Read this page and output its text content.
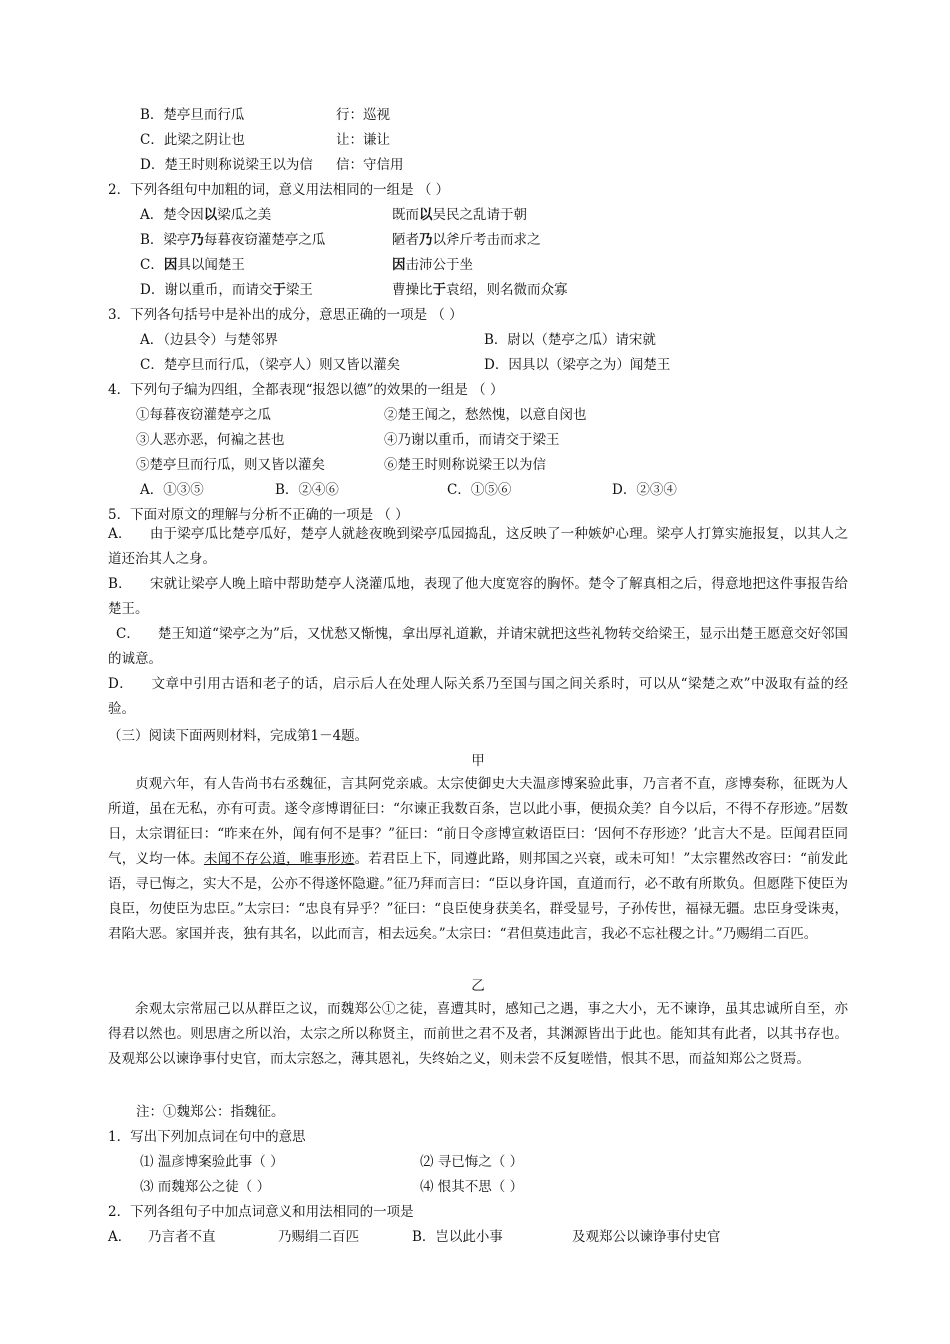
B．楚亭旦而行瓜	行：巡视
C．此梁之阴让也	让：谦让
D．楚王时则称说梁王以为信 信：守信用
2．下列各组句中加粗的词，意义用法相同的一组是 （ ）
A．楚令因以梁瓜之美	既而以吴民之乱请于朝
B．梁亭乃每暮夜窃灌楚亭之瓜	陋者乃以斧斤考击而求之
C．因具以闻楚王	因击沛公于坐
D．谢以重币，而请交于梁王	曹操比于袁绍，则名微而众寡
3．下列各句括号中是补出的成分，意思正确的一项是 （ ）
A．（边县令）与楚邻界	B．尉以（楚亭之瓜）请宋就
C．楚亭旦而行瓜，（梁亭人）则又皆以灌矣	D．因具以（梁亭之为）闻楚王
4．下列句子编为四组，全都表现“报怨以德”的效果的一组是 （ ）
①每暮夜窃灌楚亭之瓜	②楚王闻之，愁然愧，以意自闵也
③人恶亦恶，何褊之甚也	④乃谢以重币，而请交于梁王
⑤楚亭旦而行瓜，则又皆以灌矣	⑥楚王时则称说梁王以为信
A．①③⑤	B．②④⑥	C．①⑤⑥	D．②③④
5．下面对原文的理解与分析不正确的一项是 （ ）
A． 由于梁亭瓜比楚亭瓜好，楚亭人就趁夜晚到梁亭瓜园捣乱，这反映了一种嫉妒心理。梁亭人打算实施报复，以其人之道还治其人之身。
B． 宋就让梁亭人晚上暗中帮助楚亭人浇灌瓜地，表现了他大度宽容的胸怀。楚令了解真相之后，得意地把这件事报告给楚王。
C． 楚王知道“梁亭之为”后，又忧愁又惭愧，拿出厚礼道歉，并请宋就把这些礼物转交给梁王，显示出楚王愿意交好邻国的诚意。
D． 文章中引用古语和老子的话，启示后人在处理人际关系乃至国与国之间关系时，可以从“梁楚之欢”中汲取有益的经验。
（三）阅读下面两则材料，完成第1－4题。
甲
贞观六年，有人告尚书右丞魏征，言其阿党亲戚。太宗使御史大夫温彦博案验此事，乃言者不直，彦博奏称，征既为人所道，虽在无私，亦有可责。遂令彦博谓征曰：“尔谏正我数百条，岂以此小事，便损众美？自今以后，不得不存形迹。”居数日，太宗谓征曰：“昨来在外，闻有何不是事？”征曰：“前日令彦博宣敕语臣曰：‘因何不存形迹？’此言大不是。臣闻君臣同气，义均一体。未闻不存公道，唯事形迹。若君臣上下，同遵此路，则邦国之兴衰，或未可知！”太宗瞿然改容曰：“前发此语，寻已悔之，实大不是，公亦不得遂怀隐避。”征乃拜而言曰：“臣以身许国，直道而行，必不敢有所欺负。但愿陛下使臣为良臣，勿使臣为忠臣。”太宗曰：“忠良有异乎？”征曰：“良臣使身获美名，群受显号，子孙传世，福禄无疆。忠臣身受诛夷，君陷大恶。家国并丧，独有其名，以此而言，相去远矣。”太宗曰：“君但莫违此言，我必不忘社稷之计。”乃赐绢二百匹。
乙
余观太宗常屈己以从群臣之议，而魏郑公①之徒，喜遭其时，感知己之遇，事之大小，无不谏诤，虽其忠诚所自至，亦得君以然也。则思唐之所以治，太宗之所以称贤主，而前世之君不及者，其渊源皆出于此也。能知其有此者，以其书存也。及观郑公以谏诤事付史官，而太宗怒之，薄其恩礼，失终始之义，则未尝不反复嗟惜，恨其不思，而益知郑公之贤焉。
注：①魏郑公：指魏征。
1．写出下列加点词在句中的意思
⑴ 温彦博案验此事（ ）	⑵ 寻已悔之（ ）
⑶ 而魏郑公之徒（ ）	⑷ 恨其不思（ ）
2．下列各组句子中加点词意义和用法相同的一项是
A． 乃言者不直	乃赐绢二百匹	B．岂以此小事	及观郑公以谏诤事付史官
